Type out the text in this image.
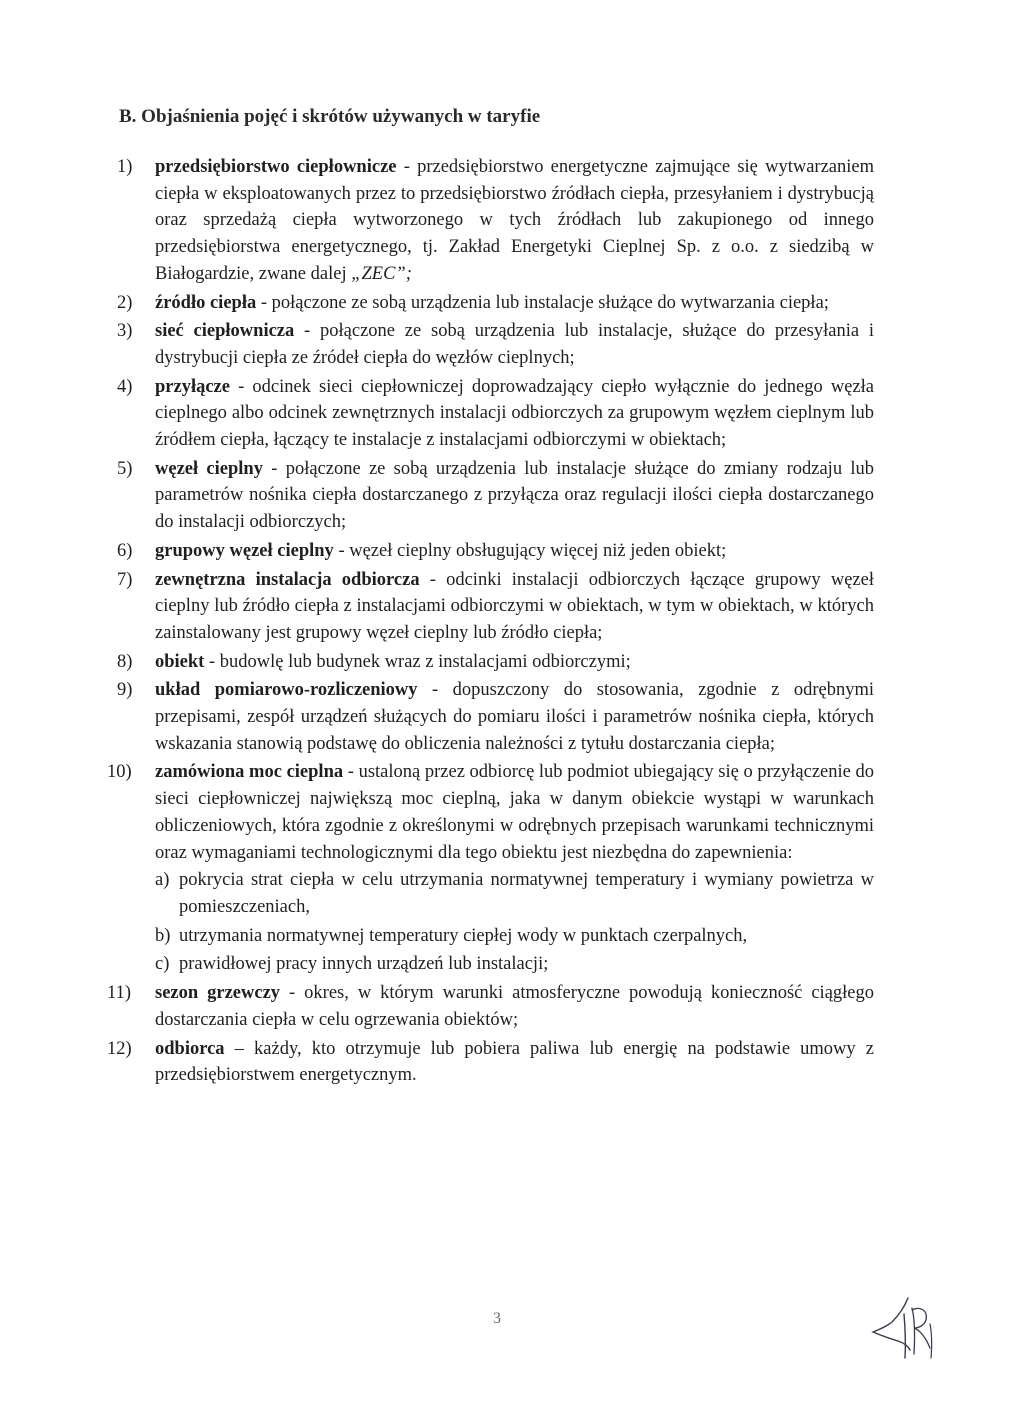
B. Objaśnienia pojęć i skrótów używanych w taryfie
1) przedsiębiorstwo ciepłownicze - przedsiębiorstwo energetyczne zajmujące się wytwarzaniem ciepła w eksploatowanych przez to przedsiębiorstwo źródłach ciepła, przesyłaniem i dystrybucją oraz sprzedażą ciepła wytworzonego w tych źródłach lub zakupionego od innego przedsiębiorstwa energetycznego, tj. Zakład Energetyki Cieplnej Sp. z o.o. z siedzibą w Białogardzie, zwane dalej „ZEC”;
2) źródło ciepła - połączone ze sobą urządzenia lub instalacje służące do wytwarzania ciepła;
3) sieć ciepłownicza - połączone ze sobą urządzenia lub instalacje, służące do przesyłania i dystrybucji ciepła ze źródeł ciepła do węzłów cieplnych;
4) przyłącze - odcinek sieci ciepłowniczej doprowadzający ciepło wyłącznie do jednego węzła cieplnego albo odcinek zewnętrznych instalacji odbiorczych za grupowym węzłem cieplnym lub źródłem ciepła, łączący te instalacje z instalacjami odbiorczymi w obiektach;
5) węzeł cieplny - połączone ze sobą urządzenia lub instalacje służące do zmiany rodzaju lub parametrów nośnika ciepła dostarczanego z przyłącza oraz regulacji ilości ciepła dostarczanego do instalacji odbiorczych;
6) grupowy węzeł cieplny - węzeł cieplny obsługujący więcej niż jeden obiekt;
7) zewnętrzna instalacja odbiorcza - odcinki instalacji odbiorczych łączące grupowy węzeł cieplny lub źródło ciepła z instalacjami odbiorczymi w obiektach, w tym w obiektach, w których zainstalowany jest grupowy węzeł cieplny lub źródło ciepła;
8) obiekt - budowlę lub budynek wraz z instalacjami odbiorczymi;
9) układ pomiarowo-rozliczeniowy - dopuszczony do stosowania, zgodnie z odrębnymi przepisami, zespół urządzeń służących do pomiaru ilości i parametrów nośnika ciepła, których wskazania stanowią podstawę do obliczenia należności z tytułu dostarczania ciepła;
10) zamówiona moc cieplna - ustaloną przez odbiorcę lub podmiot ubiegający się o przyłączenie do sieci ciepłowniczej największą moc cieplną, jaka w danym obiekcie wystąpi w warunkach obliczeniowych, która zgodnie z określonymi w odrębnych przepisach warunkami technicznymi oraz wymaganiami technologicznymi dla tego obiektu jest niezbędna do zapewnienia:
a) pokrycia strat ciepła w celu utrzymania normatywnej temperatury i wymiany powietrza w pomieszczeniach,
b) utrzymania normatywnej temperatury ciepłej wody w punktach czerpalnych,
c) prawidłowej pracy innych urządzeń lub instalacji;
11) sezon grzewczy - okres, w którym warunki atmosferyczne powodują konieczność ciągłego dostarczania ciepła w celu ogrzewania obiektów;
12) odbiorca – każdy, kto otrzymuje lub pobiera paliwa lub energię na podstawie umowy z przedsiębiorstwem energetycznym.
3
